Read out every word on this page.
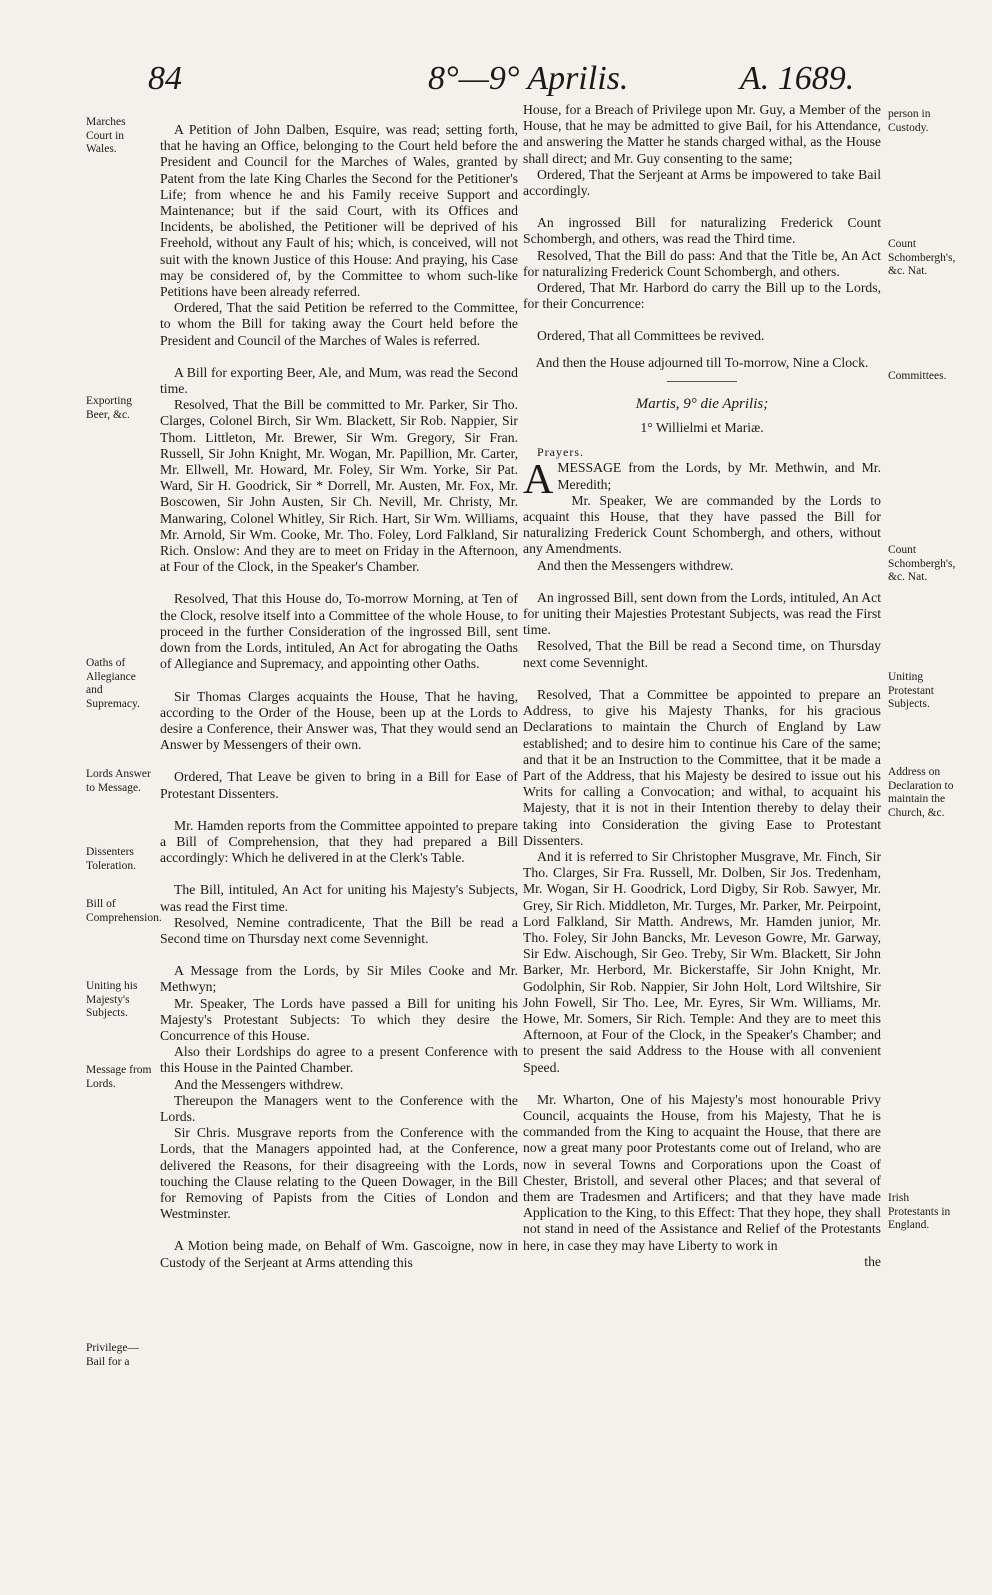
84	8°—9° Aprilis.	A. 1689.
Marches Court in Wales.
Exporting Beer, &c.
Oaths of Allegiance and Supremacy.
Lords Answer to Message.
Dissenters Toleration.
Bill of Comprehension.
Uniting his Majesty's Subjects.
Message from Lords.
Privilege—Bail for a
person in Custody.
Count Schombergh's, &c. Nat.
Committees.
Count Schombergh's, &c. Nat.
Uniting Protestant Subjects.
Address on Declaration to maintain the Church, &c.
Irish Protestants in England.

A Petition of John Dalben, Esquire, was read; setting forth, that he having an Office, belonging to the Court held before the President and Council for the Marches of Wales, granted by Patent from the late King Charles the Second for the Petitioner's Life; from whence he and his Family receive Support and Maintenance; but if the said Court, with its Offices and Incidents, be abolished, the Petitioner will be deprived of his Freehold, without any Fault of his; which, is conceived, will not suit with the known Justice of this House: And praying, his Case may be considered of, by the Committee to whom such-like Petitions have been already referred.

Ordered, That the said Petition be referred to the Committee, to whom the Bill for taking away the Court held before the President and Council of the Marches of Wales is referred.

A Bill for exporting Beer, Ale, and Mum, was read the Second time.

Resolved, That the Bill be committed to Mr. Parker, Sir Tho. Clarges, Colonel Birch, Sir Wm. Blackett, Sir Rob. Nappier, Sir Thom. Littleton, Mr. Brewer, Sir Wm. Gregory, Sir Fran. Russell, Sir John Knight, Mr. Wogan, Mr. Papillion, Mr. Carter, Mr. Ellwell, Mr. Howard, Mr. Foley, Sir Wm. Yorke, Sir Pat. Ward, Sir H. Goodrick, Sir * Dorrell, Mr. Austen, Mr. Fox, Mr. Boscowen, Sir John Austen, Sir Ch. Nevill, Mr. Christy, Mr. Manwaring, Colonel Whitley, Sir Rich. Hart, Sir Wm. Williams, Mr. Arnold, Sir Wm. Cooke, Mr. Tho. Foley, Lord Falkland, Sir Rich. Onslow: And they are to meet on Friday in the Afternoon, at Four of the Clock, in the Speaker's Chamber.

Resolved, That this House do, To-morrow Morning, at Ten of the Clock, resolve itself into a Committee of the whole House, to proceed in the further Consideration of the ingrossed Bill, sent down from the Lords, intituled, An Act for abrogating the Oaths of Allegiance and Supremacy, and appointing other Oaths.

Sir Thomas Clarges acquaints the House, That he having, according to the Order of the House, been up at the Lords to desire a Conference, their Answer was, That they would send an Answer by Messengers of their own.

Ordered, That Leave be given to bring in a Bill for Ease of Protestant Dissenters.

Mr. Hamden reports from the Committee appointed to prepare a Bill of Comprehension, that they had prepared a Bill accordingly: Which he delivered in at the Clerk's Table.

The Bill, intituled, An Act for uniting his Majesty's Subjects, was read the First time.

Resolved, Nemine contradicente, That the Bill be read a Second time on Thursday next come Sevennight.

A Message from the Lords, by Sir Miles Cooke and Mr. Methwyn;

Mr. Speaker, The Lords have passed a Bill for uniting his Majesty's Protestant Subjects: To which they desire the Concurrence of this House.

Also their Lordships do agree to a present Conference with this House in the Painted Chamber.

And the Messengers withdrew.

Thereupon the Managers went to the Conference with the Lords.

Sir Chris. Musgrave reports from the Conference with the Lords, that the Managers appointed had, at the Conference, delivered the Reasons, for their disagreeing with the Lords, touching the Clause relating to the Queen Dowager, in the Bill for Removing of Papists from the Cities of London and Westminster.

A Motion being made, on Behalf of Wm. Gascoigne, now in Custody of the Serjeant at Arms attending this

House, for a Breach of Privilege upon Mr. Guy, a Member of the House, that he may be admitted to give Bail, for his Attendance, and answering the Matter he stands charged withal, as the House shall direct; and Mr. Guy consenting to the same;

Ordered, That the Serjeant at Arms be impowered to take Bail accordingly.

An ingrossed Bill for naturalizing Frederick Count Schombergh, and others, was read the Third time.

Resolved, That the Bill do pass: And that the Title be, An Act for naturalizing Frederick Count Schombergh, and others.

Ordered, That Mr. Harbord do carry the Bill up to the Lords, for their Concurrence:

Ordered, That all Committees be revived.

And then the House adjourned till To-morrow, Nine a Clock.

Martis, 9° die Aprilis;

1° Willielmi et Mariæ.

Prayers.

AMESSAGE from the Lords, by Mr. Methwin, and Mr. Meredith;

Mr. Speaker, We are commanded by the Lords to acquaint this House, that they have passed the Bill for naturalizing Frederick Count Schombergh, and others, without any Amendments.

And then the Messengers withdrew.

An ingrossed Bill, sent down from the Lords, intituled, An Act for uniting their Majesties Protestant Subjects, was read the First time.

Resolved, That the Bill be read a Second time, on Thursday next come Sevennight.

Resolved, That a Committee be appointed to prepare an Address, to give his Majesty Thanks, for his gracious Declarations to maintain the Church of England by Law established; and to desire him to continue his Care of the same; and that it be an Instruction to the Committee, that it be made a Part of the Address, that his Majesty be desired to issue out his Writs for calling a Convocation; and withal, to acquaint his Majesty, that it is not in their Intention thereby to delay their taking into Consideration the giving Ease to Protestant Dissenters.

And it is referred to Sir Christopher Musgrave, Mr. Finch, Sir Tho. Clarges, Sir Fra. Russell, Mr. Dolben, Sir Jos. Tredenham, Mr. Wogan, Sir H. Goodrick, Lord Digby, Sir Rob. Sawyer, Mr. Grey, Sir Rich. Middleton, Mr. Turges, Mr. Parker, Mr. Peirpoint, Lord Falkland, Sir Matth. Andrews, Mr. Hamden junior, Mr. Tho. Foley, Sir John Bancks, Mr. Leveson Gowre, Mr. Garway, Sir Edw. Aischough, Sir Geo. Treby, Sir Wm. Blackett, Sir John Barker, Mr. Herbord, Mr. Bickerstaffe, Sir John Knight, Mr. Godolphin, Sir Rob. Nappier, Sir John Holt, Lord Wiltshire, Sir John Fowell, Sir Tho. Lee, Mr. Eyres, Sir Wm. Williams, Mr. Howe, Mr. Somers, Sir Rich. Temple: And they are to meet this Afternoon, at Four of the Clock, in the Speaker's Chamber; and to present the said Address to the House with all convenient Speed.

Mr. Wharton, One of his Majesty's most honourable Privy Council, acquaints the House, from his Majesty, That he is commanded from the King to acquaint the House, that there are now a great many poor Protestants come out of Ireland, who are now in several Towns and Corporations upon the Coast of Chester, Bristoll, and several other Places; and that several of them are Tradesmen and Artificers; and that they have made Application to the King, to this Effect: That they hope, they shall not stand in need of the Assistance and Relief of the Protestants here, in case they may have Liberty to work in

the
